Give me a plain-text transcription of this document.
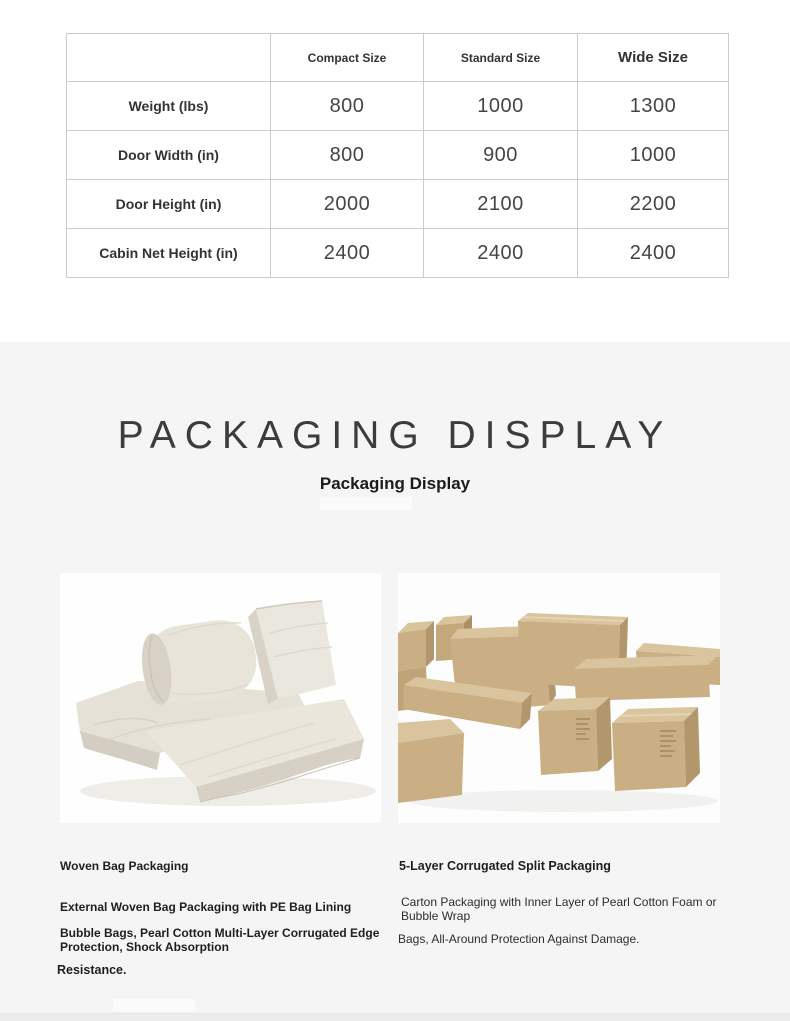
	Compact Size	Standard Size	Wide Size
Weight (lbs)	800	1000	1300
Door Width (in)	800	900	1000
Door Height (in)	2000	2100	2200
Cabin Net Height (in)	2400	2400	2400
PACKAGING DISPLAY
Packaging Display
Woven Bag Packaging
External Woven Bag Packaging with PE Bag Lining
Bubble Bags, Pearl Cotton Multi-Layer Corrugated Edge Protection, Shock Absorption
Resistance.
5-Layer Corrugated Split Packaging
Carton Packaging with Inner Layer of Pearl Cotton Foam or Bubble Wrap
Bags, All-Around Protection Against Damage.
